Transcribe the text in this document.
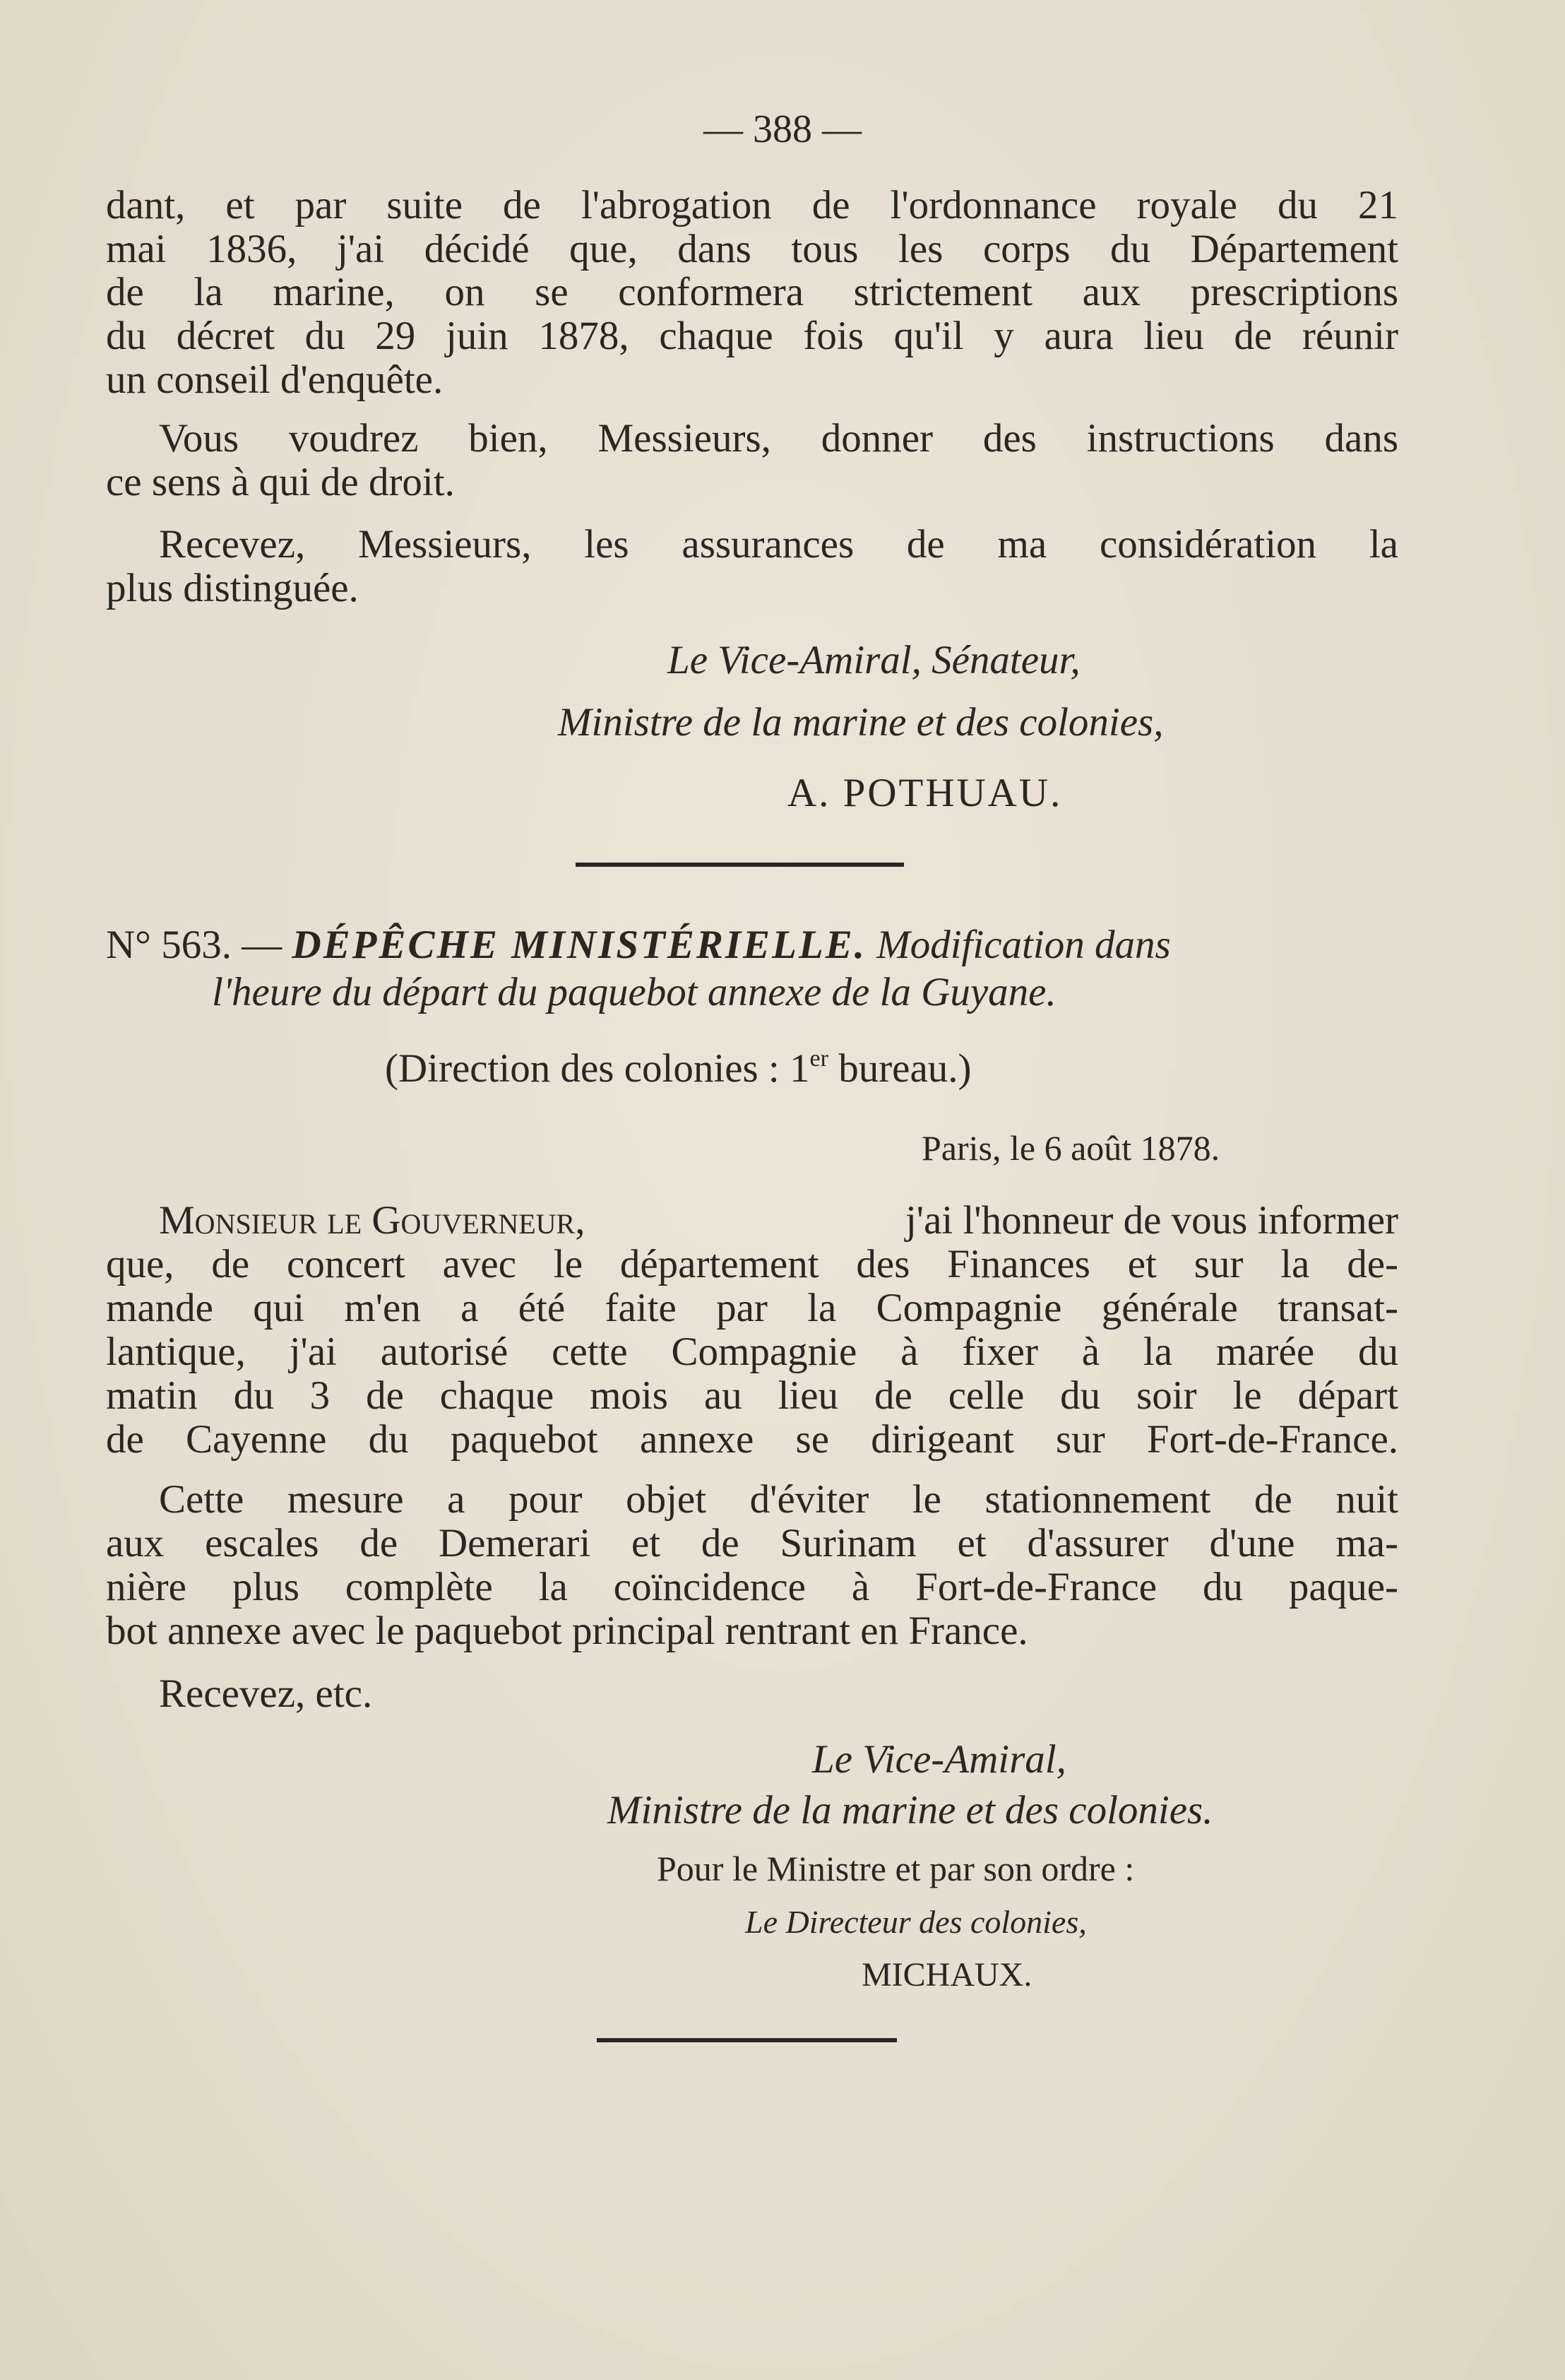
— 388 —
dant, et par suite de l'abrogation de l'ordonnance royale du 21
mai 1836, j'ai décidé que, dans tous les corps du Département
de la marine, on se conformera strictement aux prescriptions
du décret du 29 juin 1878, chaque fois qu'il y aura lieu de réunir
un conseil d'enquête.
Vous voudrez bien, Messieurs, donner des instructions dans
ce sens à qui de droit.
Recevez, Messieurs, les assurances de ma considération la
plus distinguée.
Le Vice-Amiral, Sénateur,
Ministre de la marine et des colonies,
A. POTHUAU.
N° 563. — DÉPÊCHE MINISTÉRIELLE. Modification dans
l'heure du départ du paquebot annexe de la Guyane.
(Direction des colonies : 1er bureau.)
Paris, le 6 août 1878.
Monsieur le Gouverneur,	j'ai l'honneur de vous informer
que, de concert avec le département des Finances et sur la de-
mande qui m'en a été faite par la Compagnie générale transat-
lantique, j'ai autorisé cette Compagnie à fixer à la marée du
matin du 3 de chaque mois au lieu de celle du soir le départ
de Cayenne du paquebot annexe se dirigeant sur Fort-de-France.
Cette mesure a pour objet d'éviter le stationnement de nuit
aux escales de Demerari et de Surinam et d'assurer d'une ma-
nière plus complète la coïncidence à Fort-de-France du paque-
bot annexe avec le paquebot principal rentrant en France.
Recevez, etc.
Le Vice-Amiral,
Ministre de la marine et des colonies.
Pour le Ministre et par son ordre :
Le Directeur des colonies,
MICHAUX.
